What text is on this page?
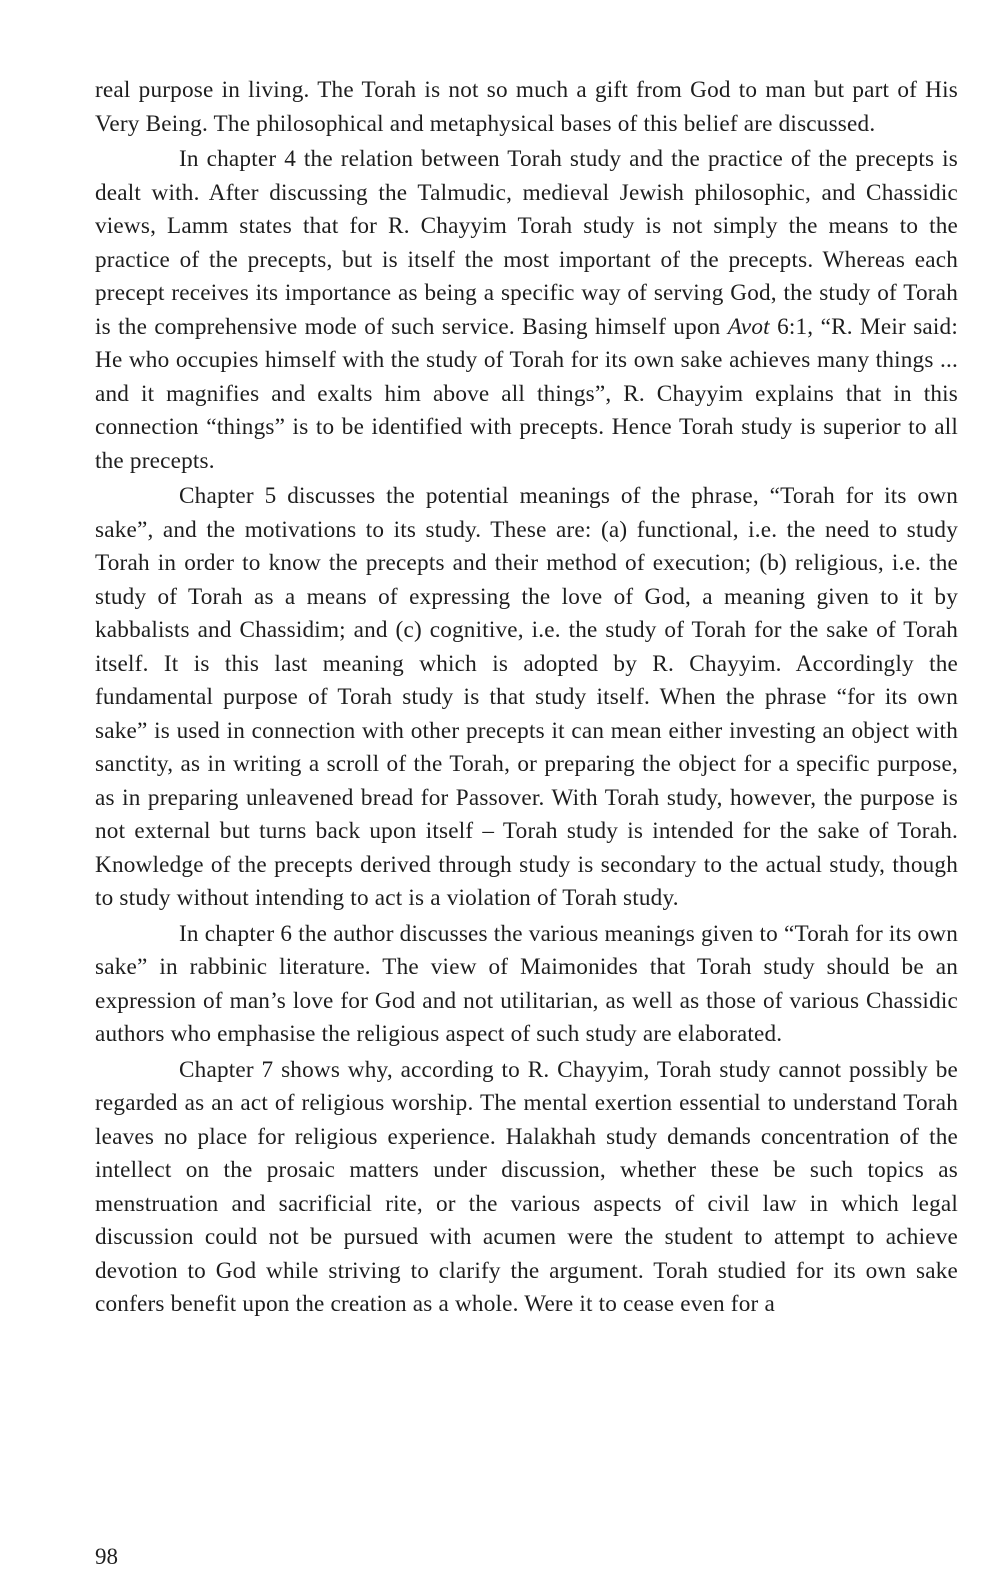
real purpose in living. The Torah is not so much a gift from God to man but part of His Very Being. The philosophical and metaphysical bases of this belief are discussed.

In chapter 4 the relation between Torah study and the practice of the precepts is dealt with. After discussing the Talmudic, medieval Jewish philosophic, and Chassidic views, Lamm states that for R. Chayyim Torah study is not simply the means to the practice of the precepts, but is itself the most important of the precepts. Whereas each precept receives its importance as being a specific way of serving God, the study of Torah is the comprehensive mode of such service. Basing himself upon Avot 6:1, “R. Meir said: He who occupies himself with the study of Torah for its own sake achieves many things ... and it magnifies and exalts him above all things”, R. Chayyim explains that in this connection “things” is to be identified with precepts. Hence Torah study is superior to all the precepts.

Chapter 5 discusses the potential meanings of the phrase, “Torah for its own sake”, and the motivations to its study. These are: (a) functional, i.e. the need to study Torah in order to know the precepts and their method of execution; (b) religious, i.e. the study of Torah as a means of expressing the love of God, a meaning given to it by kabbalists and Chassidim; and (c) cognitive, i.e. the study of Torah for the sake of Torah itself. It is this last meaning which is adopted by R. Chayyim. Accordingly the fundamental purpose of Torah study is that study itself. When the phrase “for its own sake” is used in connection with other precepts it can mean either investing an object with sanctity, as in writing a scroll of the Torah, or preparing the object for a specific purpose, as in preparing unleavened bread for Passover. With Torah study, however, the purpose is not external but turns back upon itself – Torah study is intended for the sake of Torah. Knowledge of the precepts derived through study is secondary to the actual study, though to study without intending to act is a violation of Torah study.

In chapter 6 the author discusses the various meanings given to “Torah for its own sake” in rabbinic literature. The view of Maimonides that Torah study should be an expression of man’s love for God and not utilitarian, as well as those of various Chassidic authors who emphasise the religious aspect of such study are elaborated.

Chapter 7 shows why, according to R. Chayyim, Torah study cannot possibly be regarded as an act of religious worship. The mental exertion essential to understand Torah leaves no place for religious experience. Halakhah study demands concentration of the intellect on the prosaic matters under discussion, whether these be such topics as menstruation and sacrificial rite, or the various aspects of civil law in which legal discussion could not be pursued with acumen were the student to attempt to achieve devotion to God while striving to clarify the argument. Torah studied for its own sake confers benefit upon the creation as a whole. Were it to cease even for a

98
